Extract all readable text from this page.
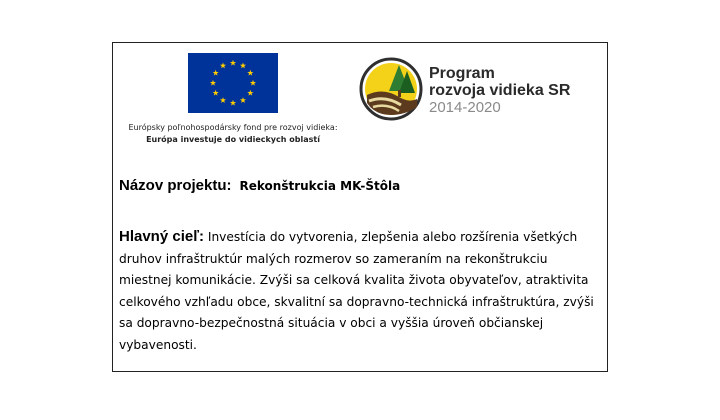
Európsky poľnohospodársky fond pre rozvoj vidieka:
Európa investuje do vidieckych oblastí
Program
rozvoja vidieka SR
2014-2020
Názov projektu: Rekonštrukcia MK-Štôla
Hlavný cieľ: Investícia do vytvorenia, zlepšenia alebo rozšírenia všetkých druhov infraštruktúr malých rozmerov so zameraním na rekonštrukciu miestnej komunikácie. Zvýši sa celková kvalita života obyvateľov, atraktivita celkového vzhľadu obce, skvalitní sa dopravno-technická infraštruktúra, zvýši sa dopravno-bezpečnostná situácia v obci a vyššia úroveň občianskej vybavenosti.
